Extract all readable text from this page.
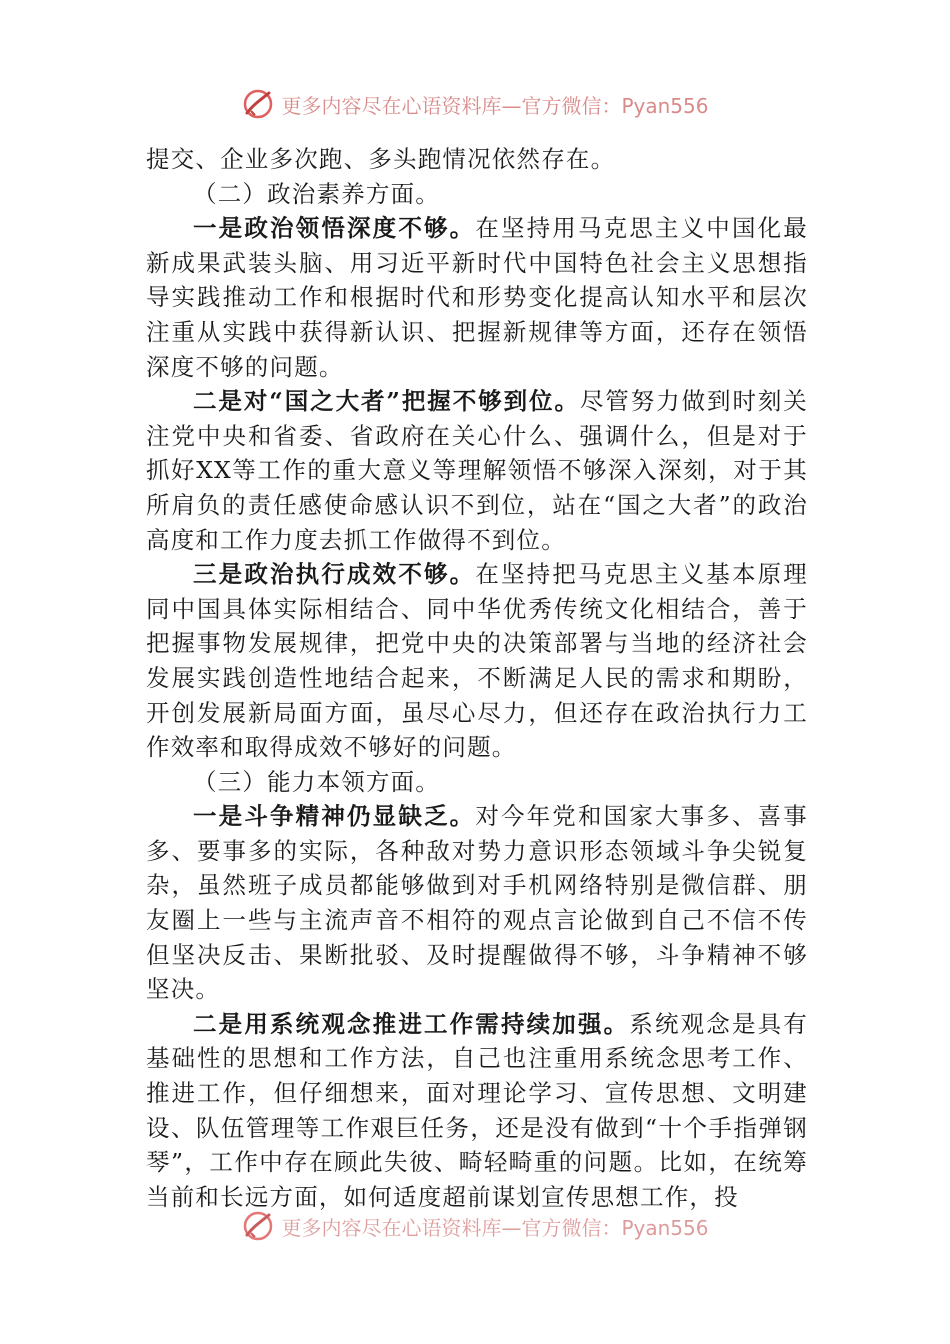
更多内容尽在心语资料库—官方微信：Pyan556

提交、企业多次跑、多头跑情况依然存在。

（二）政治素养方面。

一是政治领悟深度不够。在坚持用马克思主义中国化最新成果武装头脑、用习近平新时代中国特色社会主义思想指导实践推动工作和根据时代和形势变化提高认知水平和层次注重从实践中获得新认识、把握新规律等方面，还存在领悟深度不够的问题。

二是对“国之大者”把握不够到位。尽管努力做到时刻关注党中央和省委、省政府在关心什么、强调什么，但是对于抓好XX等工作的重大意义等理解领悟不够深入深刻，对于其所肩负的责任感使命感认识不到位，站在“国之大者”的政治高度和工作力度去抓工作做得不到位。

三是政治执行成效不够。在坚持把马克思主义基本原理同中国具体实际相结合、同中华优秀传统文化相结合，善于把握事物发展规律，把党中央的决策部署与当地的经济社会发展实践创造性地结合起来，不断满足人民的需求和期盼，开创发展新局面方面，虽尽心尽力，但还存在政治执行力工作效率和取得成效不够好的问题。

（三）能力本领方面。

一是斗争精神仍显缺乏。对今年党和国家大事多、喜事多、要事多的实际，各种敌对势力意识形态领域斗争尖锐复杂，虽然班子成员都能够做到对手机网络特别是微信群、朋友圈上一些与主流声音不相符的观点言论做到自己不信不传但坚决反击、果断批驳、及时提醒做得不够，斗争精神不够坚决。

二是用系统观念推进工作需持续加强。系统观念是具有基础性的思想和工作方法，自己也注重用系统念思考工作、推进工作，但仔细想来，面对理论学习、宣传思想、文明建设、队伍管理等工作艰巨任务，还是没有做到“十个手指弹钢琴”，工作中存在顾此失彼、畸轻畸重的问题。比如，在统筹当前和长远方面，如何适度超前谋划宣传思想工作，投

更多内容尽在心语资料库—官方微信：Pyan556
